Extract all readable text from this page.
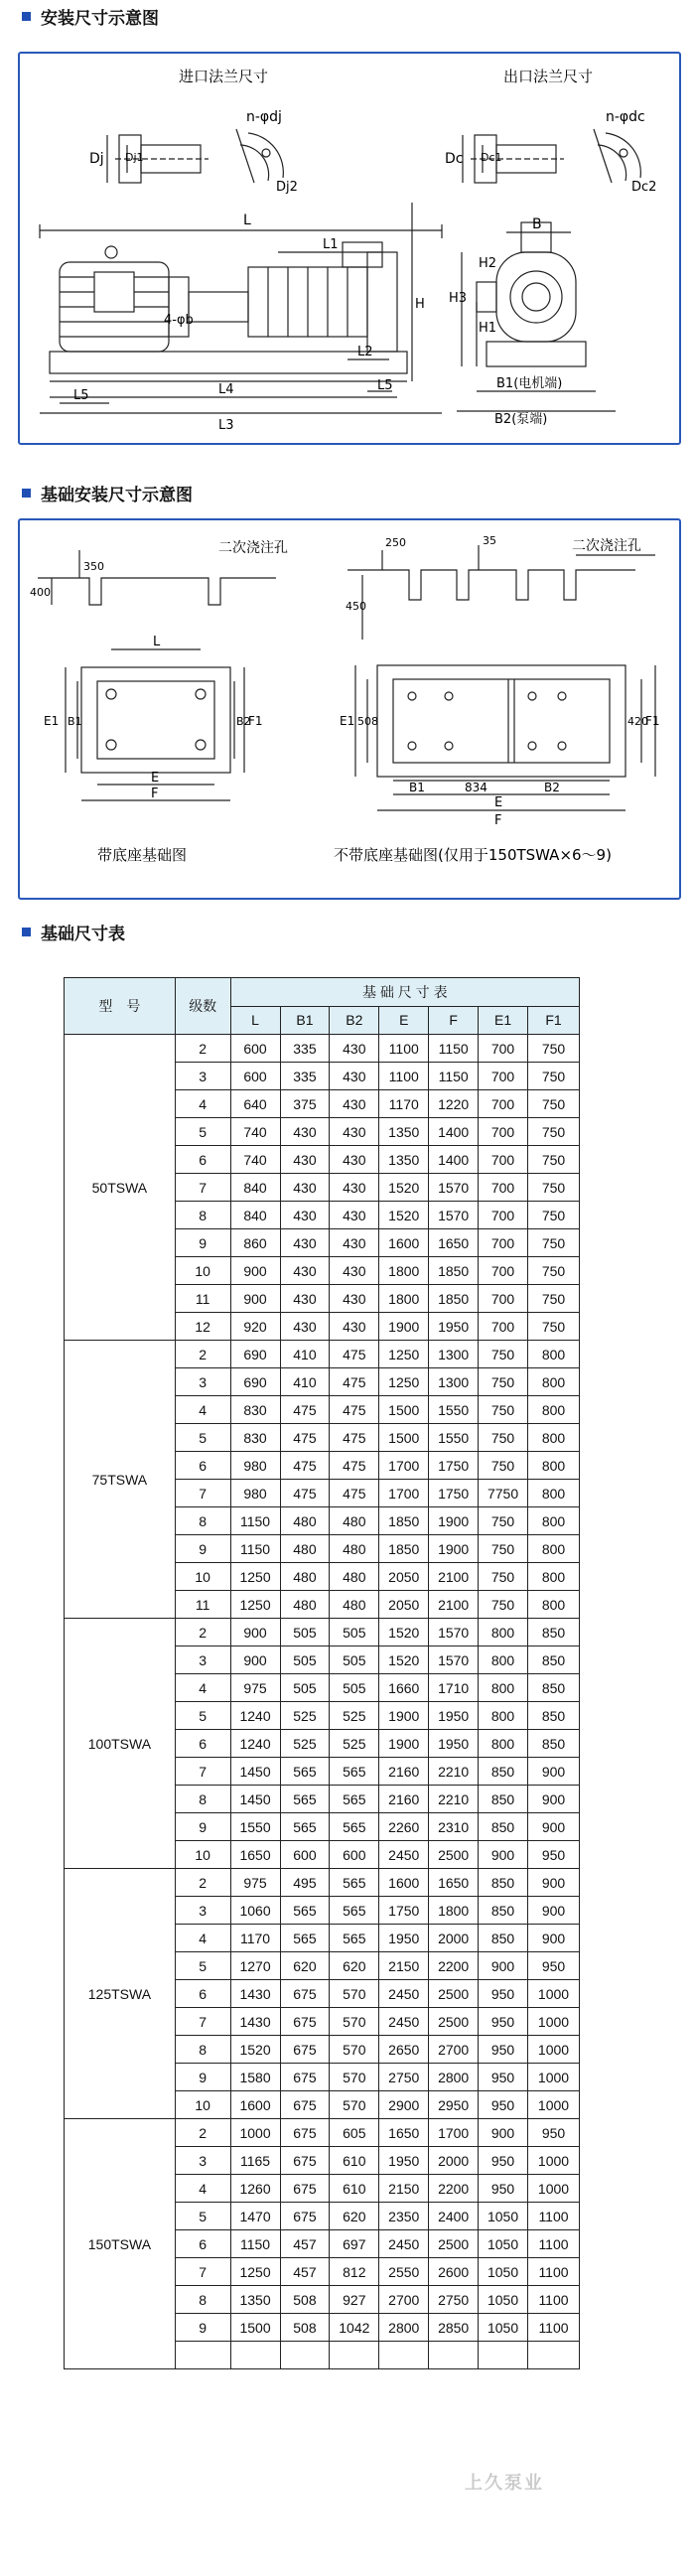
安装尺寸示意图
进口法兰尺寸	出口法兰尺寸
n-φdj	n-φdc
Dj Dj1
Dj2
Dc Dc1
Dc2
L
L1
L2
L3
L4
L5
L5
H H3
H2
H1
B
4-φb
B1(电机端)
B2(泵端)
基础安装尺寸示意图
二次浇注孔	二次浇注孔
400
350
L
E1 B1	B2
F1
E
F
450
250	35
E1 508	420
F1
B1	834	B2
E
F
带底座基础图	不带底座基础图(仅用于150TSWA×6～9)
基础尺寸表
型　号	级数	基 础 尺 寸 表						
		L	B1	B2	E	F	E1	F1
50TSWA	2	600	335	430	1100	1150	700	750
	3	600	335	430	1100	1150	700	750
	4	640	375	430	1170	1220	700	750
	5	740	430	430	1350	1400	700	750
	6	740	430	430	1350	1400	700	750
	7	840	430	430	1520	1570	700	750
	8	840	430	430	1520	1570	700	750
	9	860	430	430	1600	1650	700	750
	10	900	430	430	1800	1850	700	750
	11	900	430	430	1800	1850	700	750
	12	920	430	430	1900	1950	700	750
75TSWA	2	690	410	475	1250	1300	750	800
	3	690	410	475	1250	1300	750	800
	4	830	475	475	1500	1550	750	800
	5	830	475	475	1500	1550	750	800
	6	980	475	475	1700	1750	750	800
	7	980	475	475	1700	1750	7750	800
	8	1150	480	480	1850	1900	750	800
	9	1150	480	480	1850	1900	750	800
	10	1250	480	480	2050	2100	750	800
	11	1250	480	480	2050	2100	750	800
100TSWA	2	900	505	505	1520	1570	800	850
	3	900	505	505	1520	1570	800	850
	4	975	505	505	1660	1710	800	850
	5	1240	525	525	1900	1950	800	850
	6	1240	525	525	1900	1950	800	850
	7	1450	565	565	2160	2210	850	900
	8	1450	565	565	2160	2210	850	900
	9	1550	565	565	2260	2310	850	900
	10	1650	600	600	2450	2500	900	950
125TSWA	2	975	495	565	1600	1650	850	900
	3	1060	565	565	1750	1800	850	900
	4	1170	565	565	1950	2000	850	900
	5	1270	620	620	2150	2200	900	950
	6	1430	675	570	2450	2500	950	1000
	7	1430	675	570	2450	2500	950	1000
	8	1520	675	570	2650	2700	950	1000
	9	1580	675	570	2750	2800	950	1000
	10	1600	675	570	2900	2950	950	1000
150TSWA	2	1000	675	605	1650	1700	900	950
	3	1165	675	610	1950	2000	950	1000
	4	1260	675	610	2150	2200	950	1000
	5	1470	675	620	2350	2400	1050	1100
	6	1150	457	697	2450	2500	1050	1100
	7	1250	457	812	2550	2600	1050	1100
	8	1350	508	927	2700	2750	1050	1100
	9	1500	508	1042	2800	2850	1050	1100

上久泵业
